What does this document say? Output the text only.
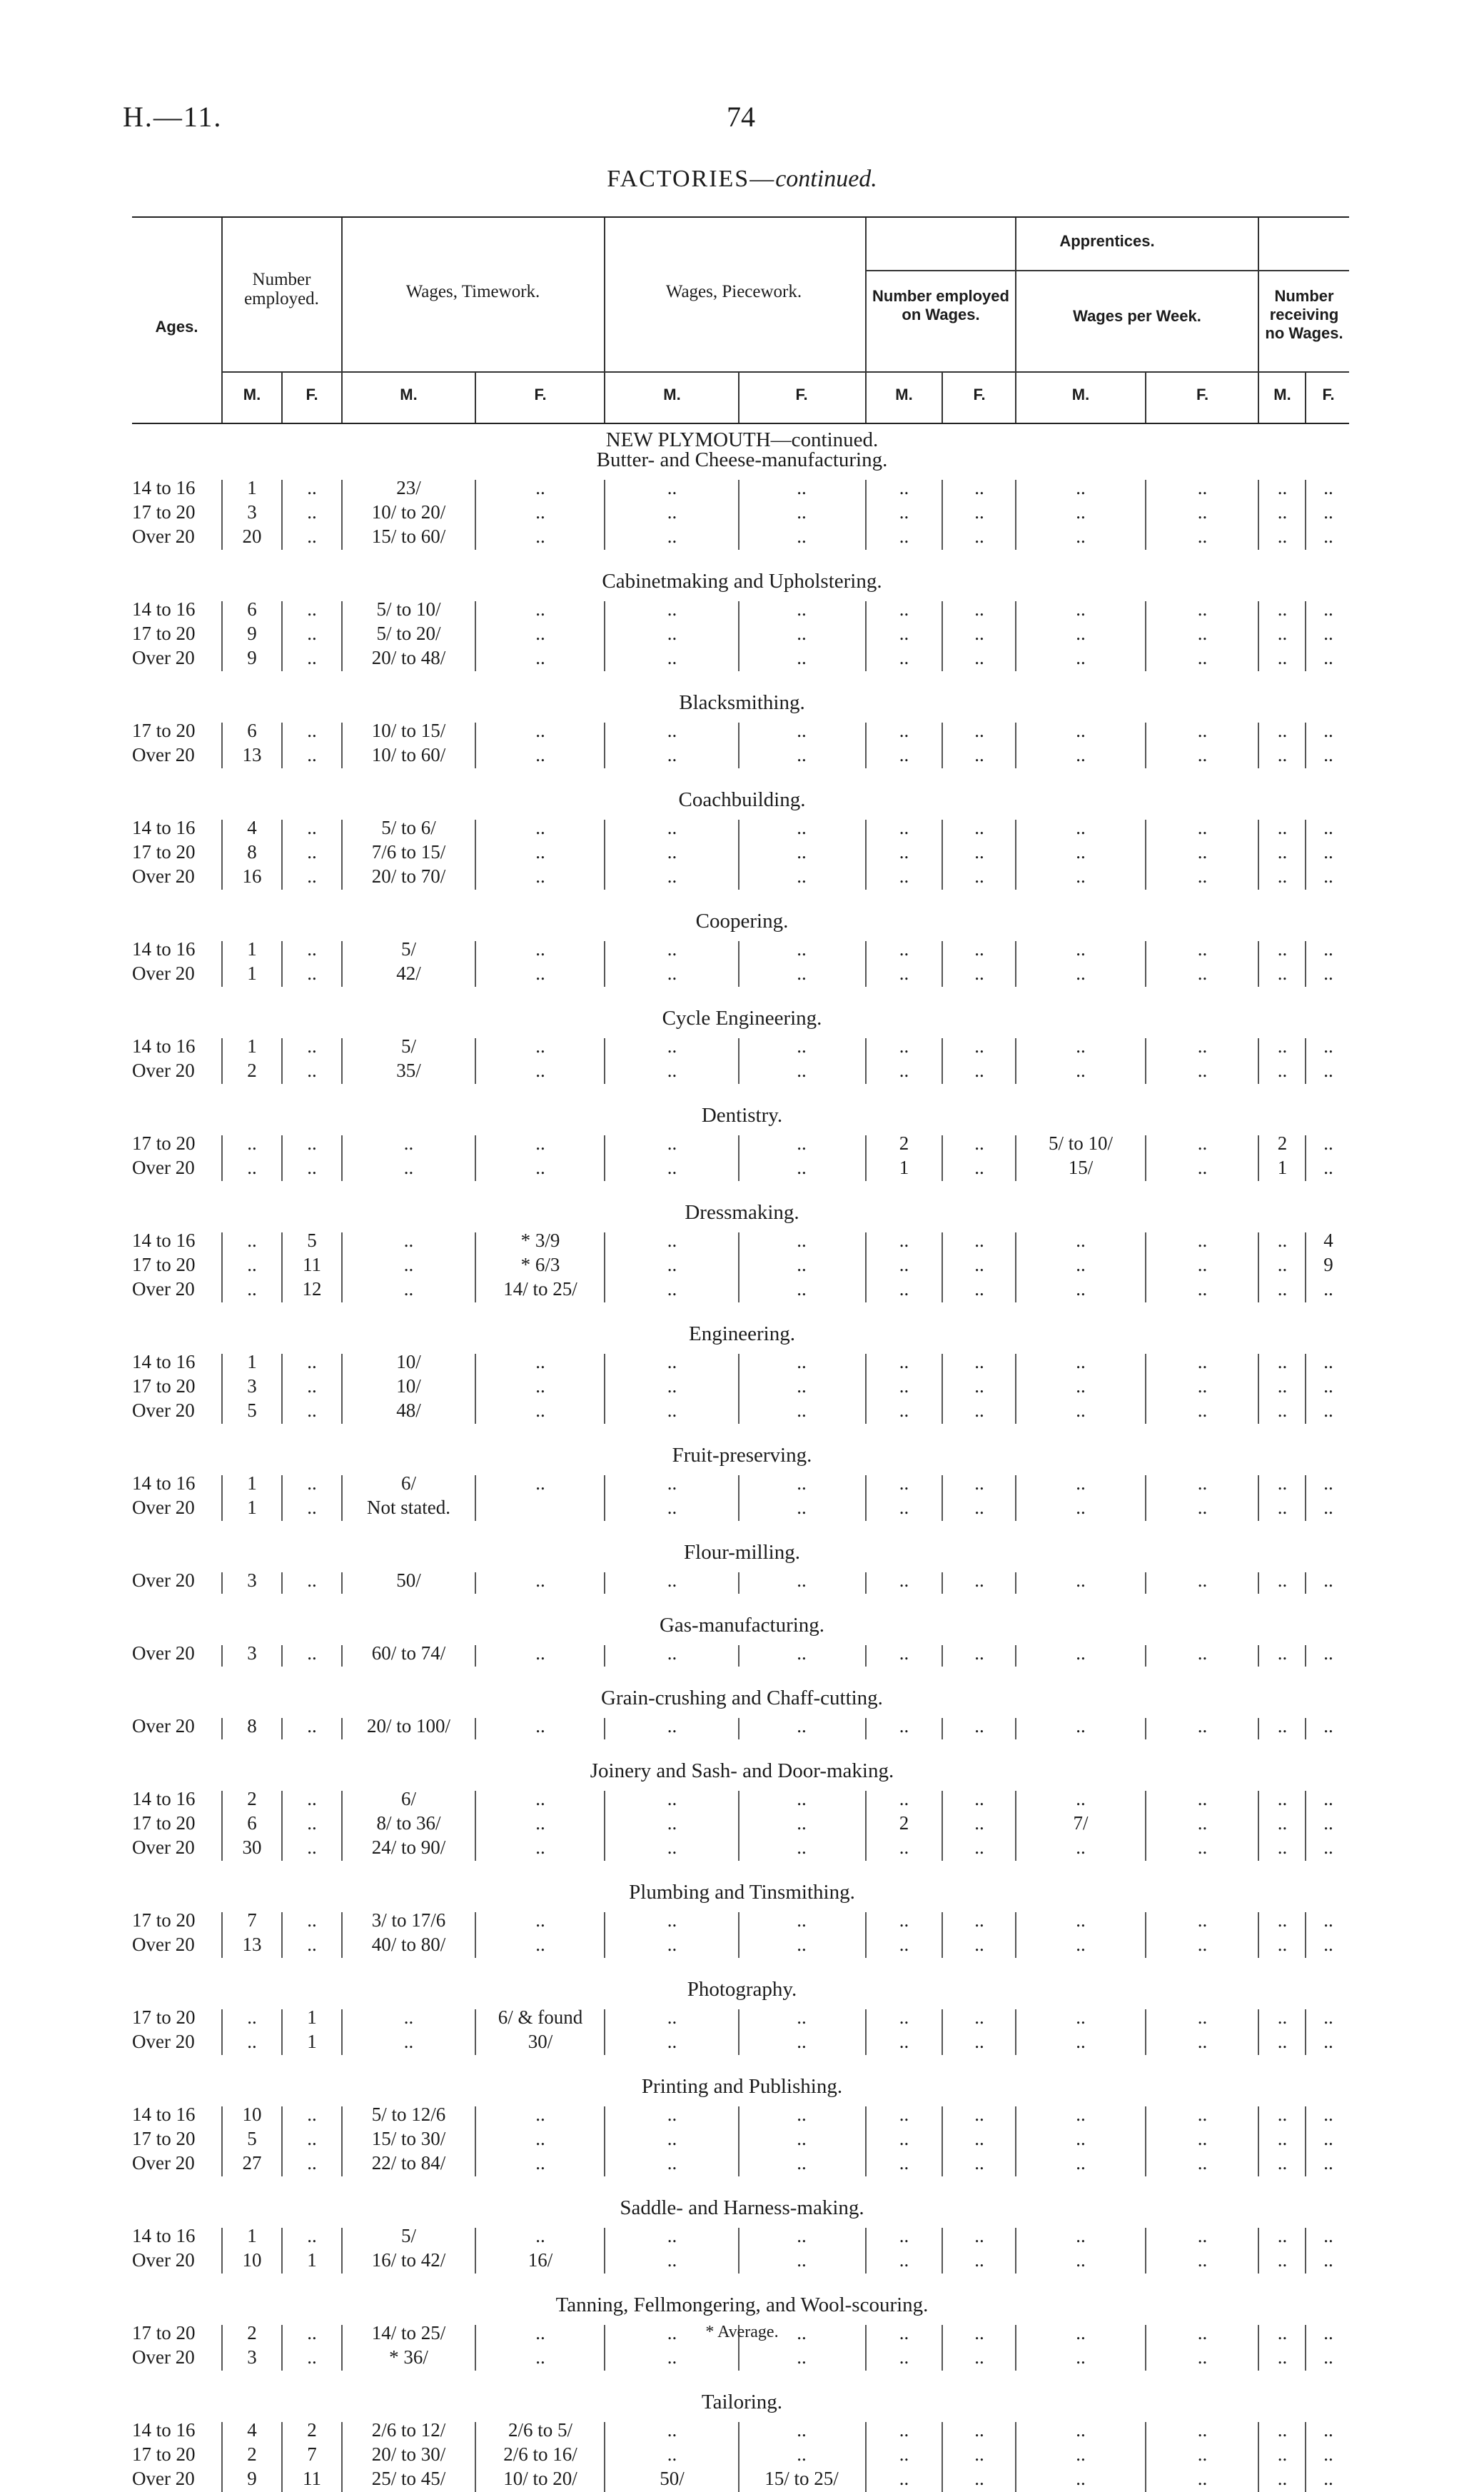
H.—11.	74
FACTORIES—continued.
Ages.
Number employed.	Wages, Timework.	Wages, Piecework.
Apprentices.
Number employed on Wages.	Wages per Week.
Number receiving no Wages.
M.	F.	M.	F.	M.	F.	M.	F.	M.	F.	M.	F.
NEW PLYMOUTH—continued.
Butter- and Cheese-manufacturing.
14 to 16	1	..	23/	..	..	..	..	..	..	..	..	..
17 to 20	3	..	10/ to 20/	..	..	..	..	..	..	..	..	..
Over 20	20	..	15/ to 60/	..	..	..	..	..	..	..	..	..
Cabinetmaking and Upholstering.
14 to 16	6	..	5/ to 10/	..	..	..	..	..	..	..	..	..
17 to 20	9	..	5/ to 20/	..	..	..	..	..	..	..	..	..
Over 20	9	..	20/ to 48/	..	..	..	..	..	..	..	..	..
Blacksmithing.
17 to 20	6	..	10/ to 15/	..	..	..	..	..	..	..	..	..
Over 20	13	..	10/ to 60/	..	..	..	..	..	..	..	..	..
Coachbuilding.
14 to 16	4	..	5/ to 6/	..	..	..	..	..	..	..	..	..
17 to 20	8	..	7/6 to 15/	..	..	..	..	..	..	..	..	..
Over 20	16	..	20/ to 70/	..	..	..	..	..	..	..	..	..
Coopering.
14 to 16	1	..	5/	..	..	..	..	..	..	..	..	..
Over 20	1	..	42/	..	..	..	..	..	..	..	..	..
Cycle Engineering.
14 to 16	1	..	5/	..	..	..	..	..	..	..	..	..
Over 20	2	..	35/	..	..	..	..	..	..	..	..	..
Dentistry.
17 to 20	..	..	..	..	..	..	2	..	5/ to 10/	..	2	..
Over 20	..	..	..	..	..	..	1	..	15/	..	1	..
Dressmaking.
14 to 16	..	5	..	* 3/9	..	..	..	..	..	..	..	4
17 to 20	..	11	..	* 6/3	..	..	..	..	..	..	..	9
Over 20	..	12	..	14/ to 25/	..	..	..	..	..	..	..	..
Engineering.
14 to 16	1	..	10/	..	..	..	..	..	..	..	..	..
17 to 20	3	..	10/	..	..	..	..	..	..	..	..	..
Over 20	5	..	48/	..	..	..	..	..	..	..	..	..
Fruit-preserving.
14 to 16	1	..	6/	..	..	..	..	..	..	..	..	..
Over 20	1	..	Not stated.	..	..	..	..	..	..	..	..
Flour-milling.
Over 20	3	..	50/	..	..	..	..	..	..	..	..	..
Gas-manufacturing.
Over 20	3	..	60/ to 74/	..	..	..	..	..	..	..	..	..
Grain-crushing and Chaff-cutting.
Over 20	8	..	20/ to 100/	..	..	..	..	..	..	..	..	..
Joinery and Sash- and Door-making.
14 to 16	2	..	6/	..	..	..	..	..	..	..	..	..
17 to 20	6	..	8/ to 36/	..	..	..	2	..	7/	..	..	..
Over 20	30	..	24/ to 90/	..	..	..	..	..	..	..	..	..
Plumbing and Tinsmithing.
17 to 20	7	..	3/ to 17/6	..	..	..	..	..	..	..	..	..
Over 20	13	..	40/ to 80/	..	..	..	..	..	..	..	..	..
Photography.
17 to 20	..	1	..	6/ & found	..	..	..	..	..	..	..	..
Over 20	..	1	..	30/	..	..	..	..	..	..	..	..
Printing and Publishing.
14 to 16	10	..	5/ to 12/6	..	..	..	..	..	..	..	..	..
17 to 20	5	..	15/ to 30/	..	..	..	..	..	..	..	..	..
Over 20	27	..	22/ to 84/	..	..	..	..	..	..	..	..	..
Saddle- and Harness-making.
14 to 16	1	..	5/	..	..	..	..	..	..	..	..	..
Over 20	10	1	16/ to 42/	16/	..	..	..	..	..	..	..	..
Tanning, Fellmongering, and Wool-scouring.
17 to 20	2	..	14/ to 25/	..	..	..	..	..	..	..	..	..
Over 20	3	..	* 36/	..	..	..	..	..	..	..	..	..
Tailoring.
14 to 16	4	2	2/6 to 12/	2/6 to 5/	..	..	..	..	..	..	..	..
17 to 20	2	7	20/ to 30/	2/6 to 16/	..	..	..	..	..	..	..	..
Over 20	9	11	25/ to 45/	10/ to 20/	50/	15/ to 25/	..	..	..	..	..	..
* Average.
